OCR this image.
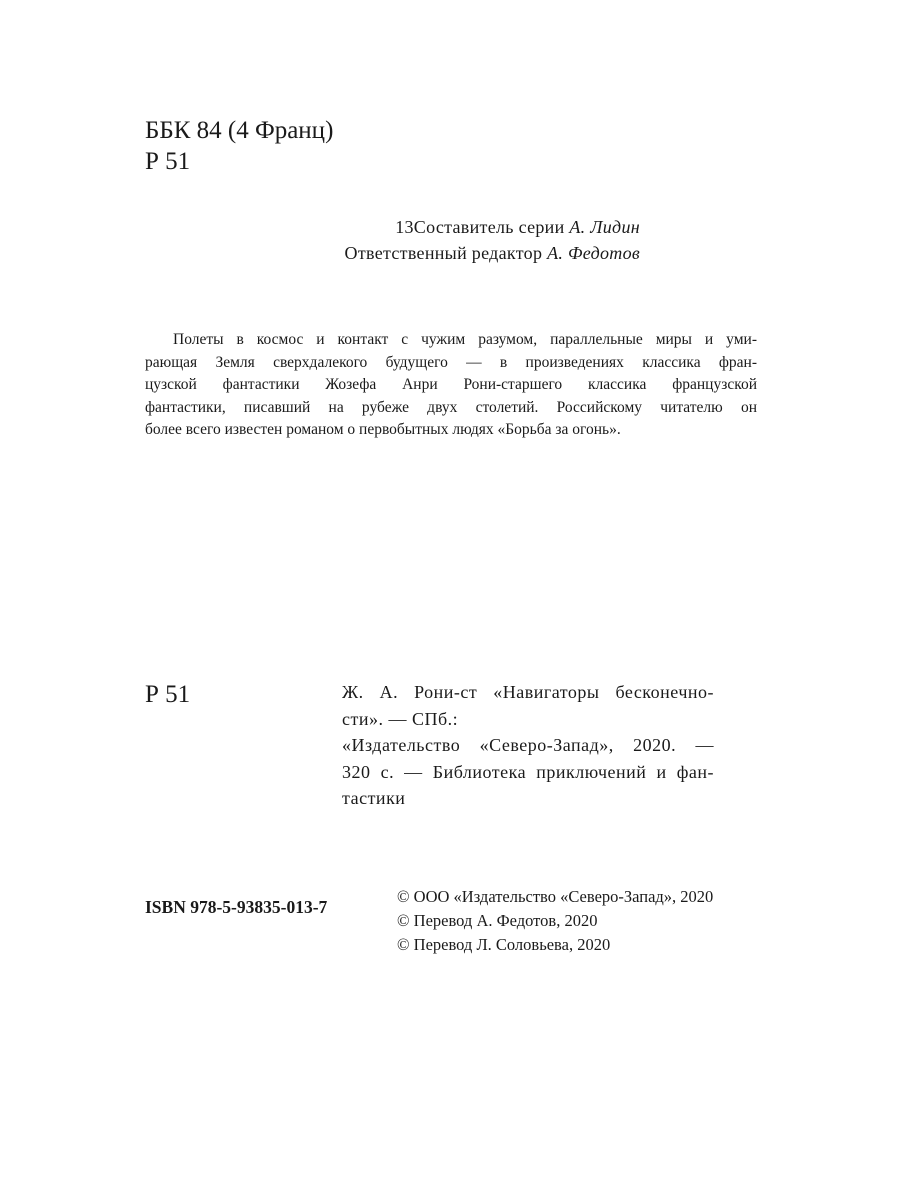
ББК 84 (4 Франц)
Р 51
13Составитель серии А. Лидин
Ответственный редактор А. Федотов
Полеты в космос и контакт с чужим разумом, параллельные миры и уми-
рающая Земля сверхдалекого будущего — в произведениях классика фран-
цузской фантастики Жозефа Анри Рони-старшего классика французской
фантастики, писавший на рубеже двух столетий. Российскому читателю он
более всего известен романом о первобытных людях «Борьба за огонь».
Р 51	Ж. А. Рони-ст «Навигаторы бесконечно-
сти». — СПб.:
«Издательство «Северо-Запад», 2020. —
320 с. — Библиотека приключений и фан-
тастики
ISBN 978-5-93835-013-7
© ООО «Издательство «Северо-Запад», 2020
© Перевод А. Федотов, 2020
© Перевод Л. Соловьева, 2020
